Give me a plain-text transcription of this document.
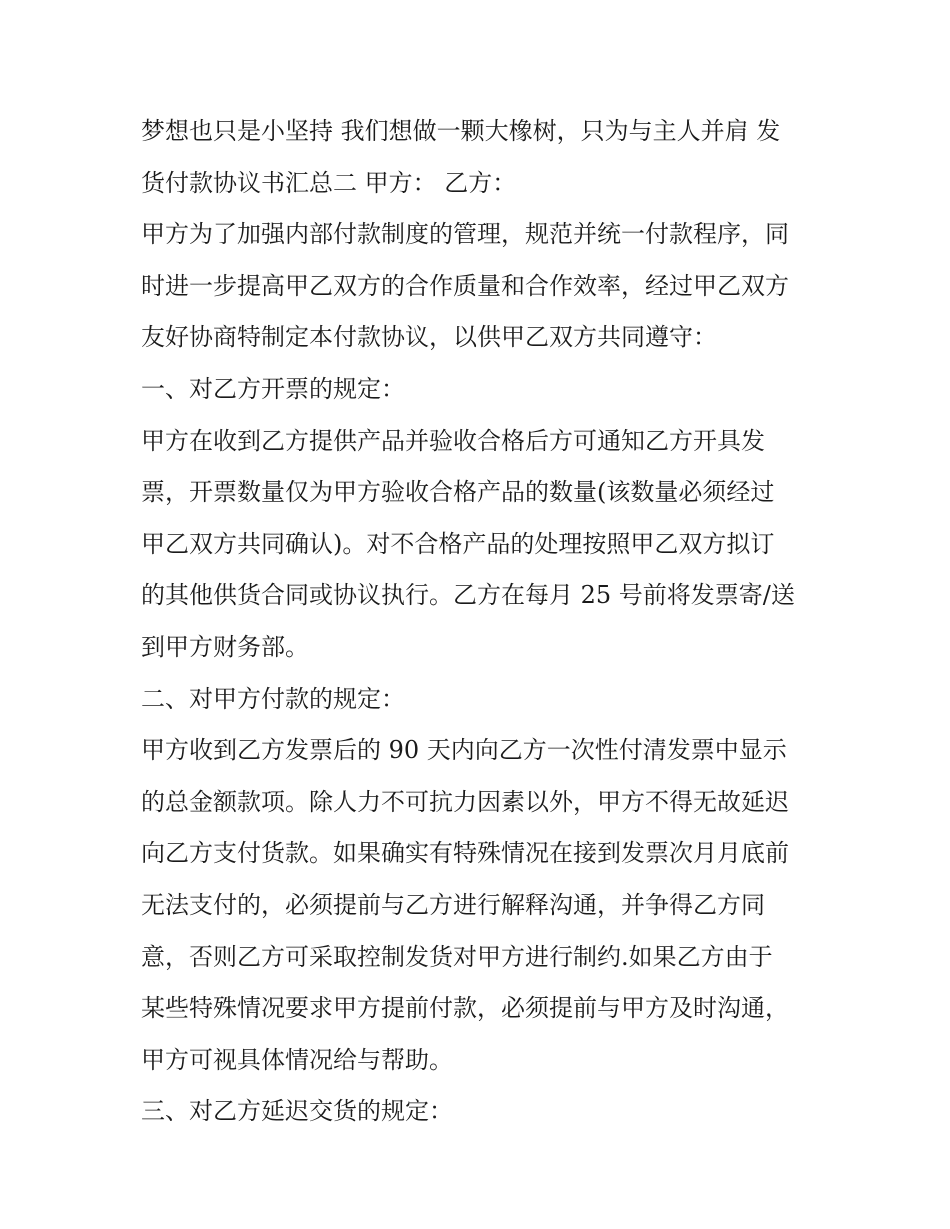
梦想也只是小坚持 我们想做一颗大橡树，只为与主人并肩 发
货付款协议书汇总二 甲方： 乙方：
甲方为了加强内部付款制度的管理，规范并统一付款程序，同
时进一步提高甲乙双方的合作质量和合作效率，经过甲乙双方
友好协商特制定本付款协议，以供甲乙双方共同遵守：
一、对乙方开票的规定：
甲方在收到乙方提供产品并验收合格后方可通知乙方开具发
票，开票数量仅为甲方验收合格产品的数量(该数量必须经过
甲乙双方共同确认)。对不合格产品的处理按照甲乙双方拟订
的其他供货合同或协议执行。乙方在每月 25 号前将发票寄/送
到甲方财务部。
二、对甲方付款的规定：
甲方收到乙方发票后的 90 天内向乙方一次性付清发票中显示
的总金额款项。除人力不可抗力因素以外，甲方不得无故延迟
向乙方支付货款。如果确实有特殊情况在接到发票次月月底前
无法支付的，必须提前与乙方进行解释沟通，并争得乙方同
意，否则乙方可采取控制发货对甲方进行制约.如果乙方由于
某些特殊情况要求甲方提前付款，必须提前与甲方及时沟通，
甲方可视具体情况给与帮助。
三、对乙方延迟交货的规定：
